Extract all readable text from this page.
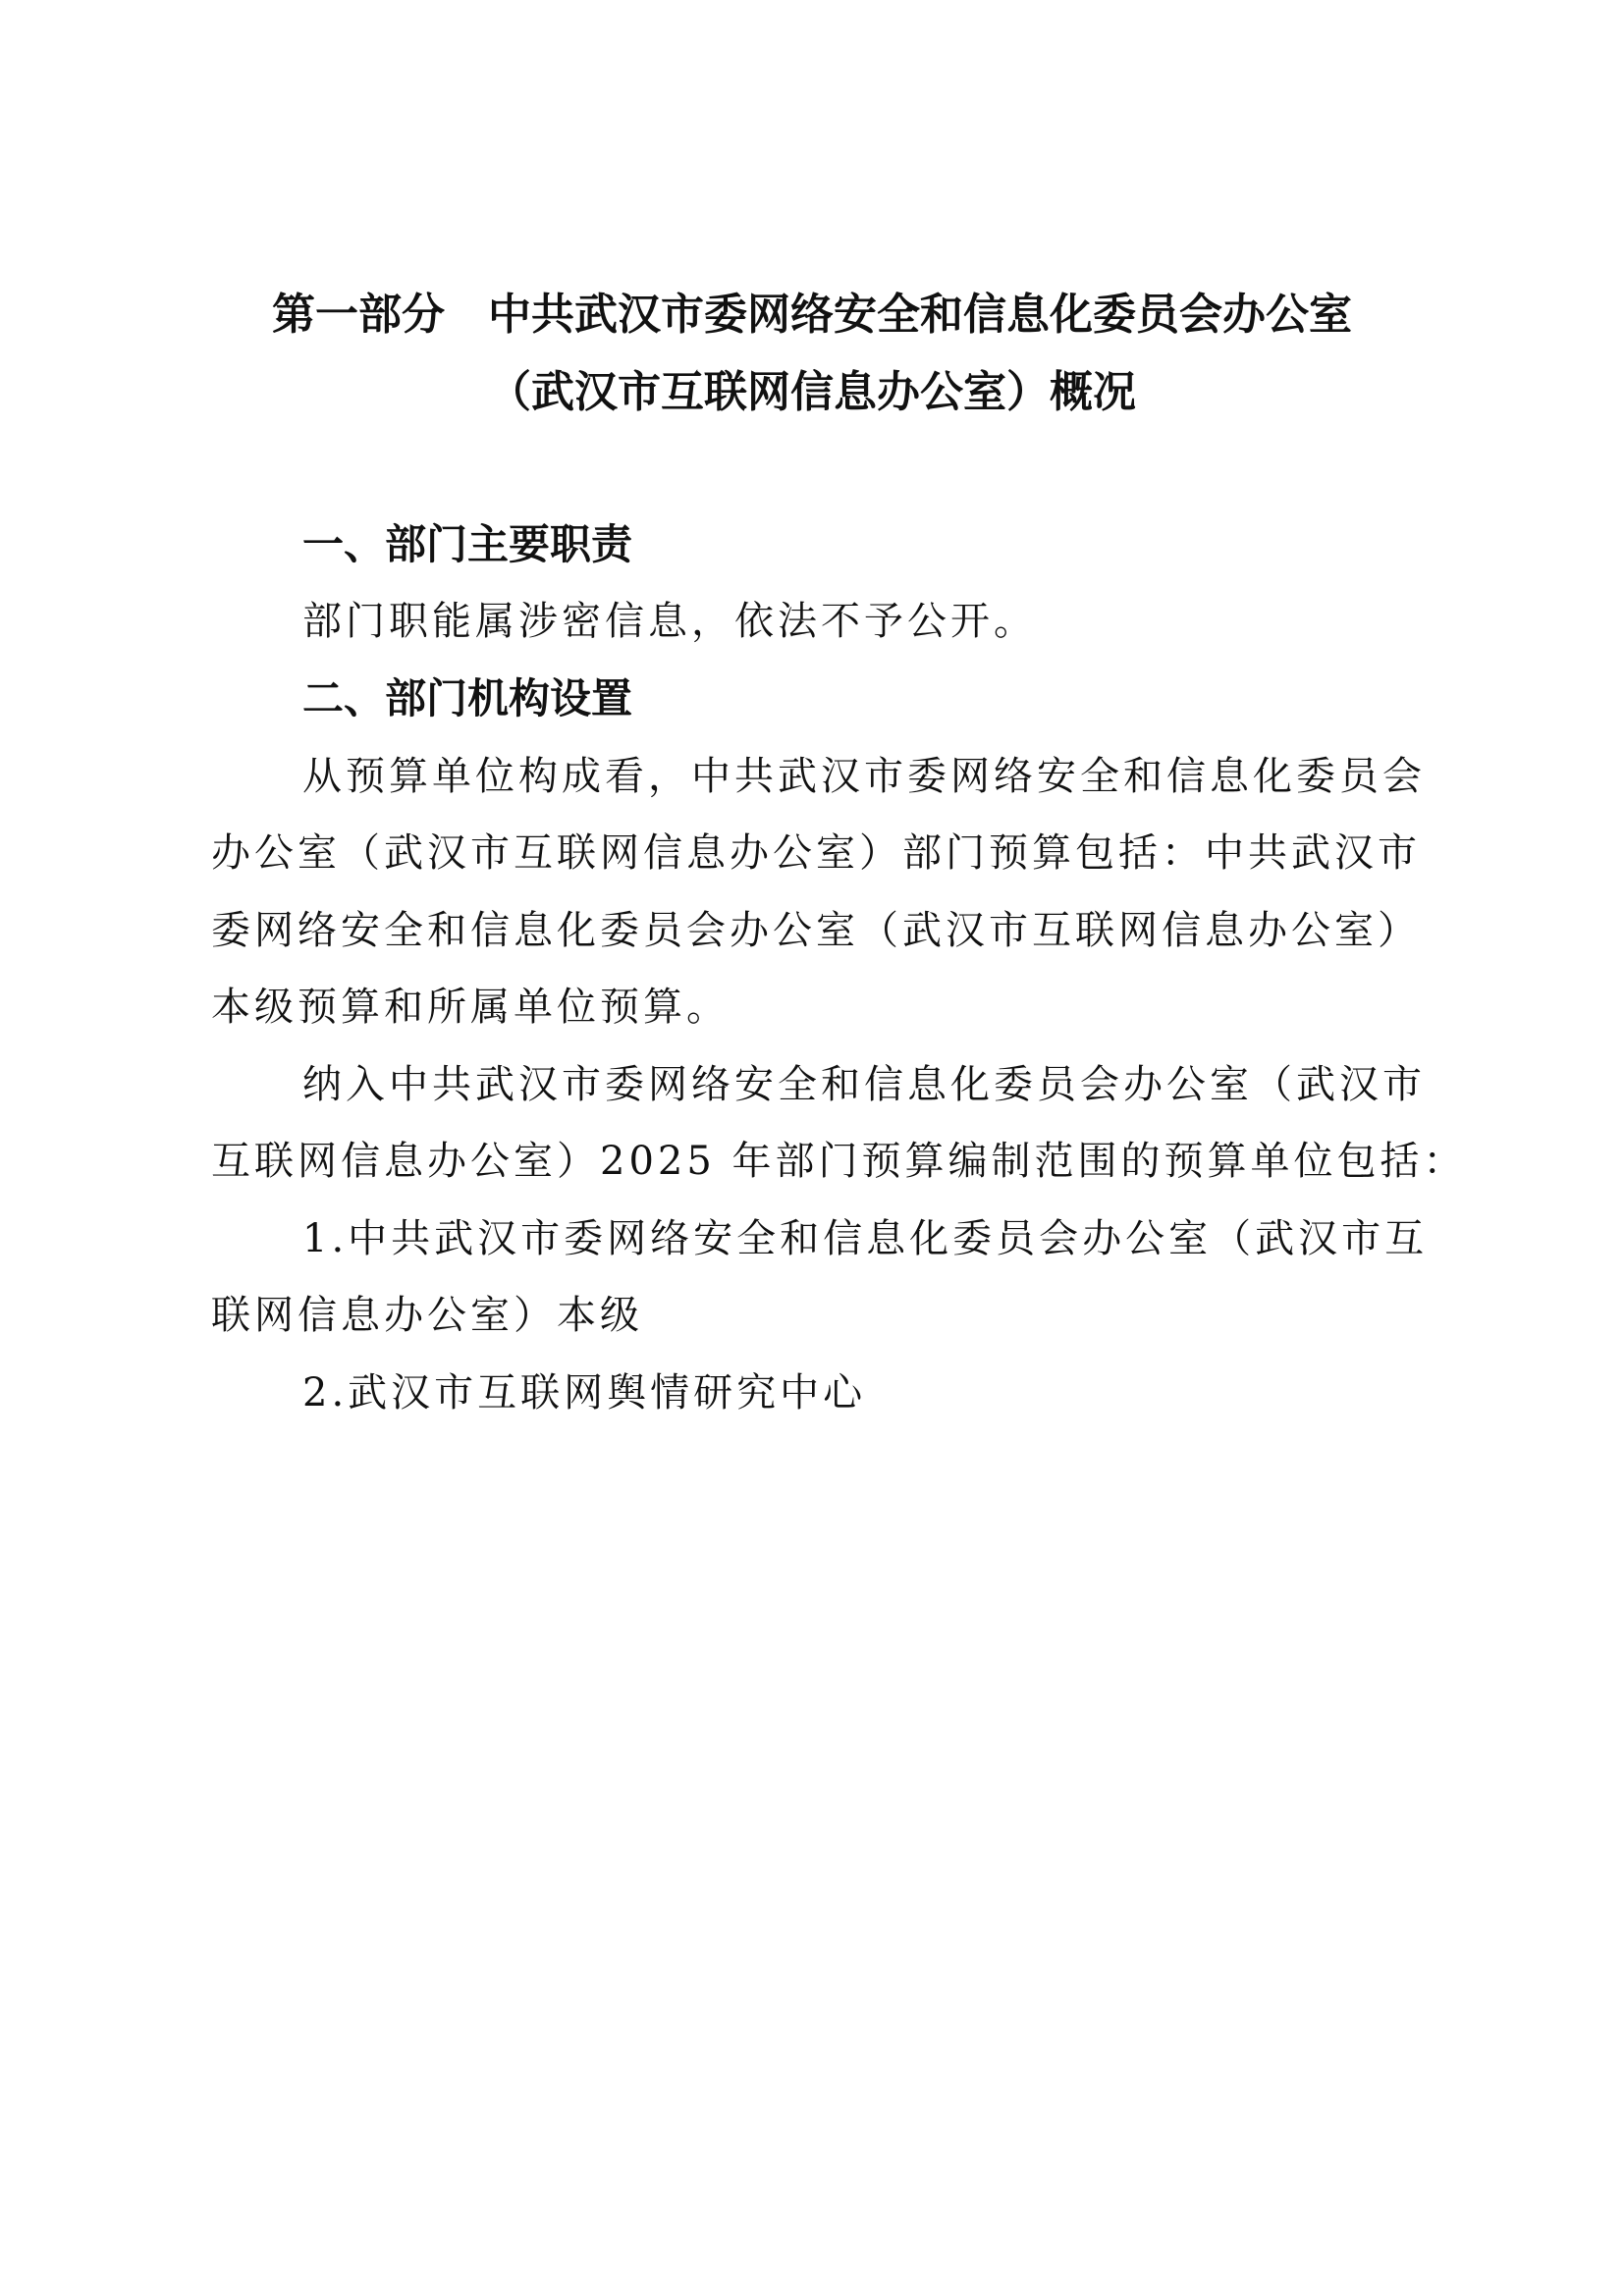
第一部分 中共武汉市委网络安全和信息化委员会办公室
（武汉市互联网信息办公室）概况
一、部门主要职责
部门职能属涉密信息，依法不予公开。
二、部门机构设置
从预算单位构成看，中共武汉市委网络安全和信息化委员会
办公室（武汉市互联网信息办公室）部门预算包括：中共武汉市
委网络安全和信息化委员会办公室（武汉市互联网信息办公室）
本级预算和所属单位预算。
纳入中共武汉市委网络安全和信息化委员会办公室（武汉市
互联网信息办公室）2025 年部门预算编制范围的预算单位包括：
1.中共武汉市委网络安全和信息化委员会办公室（武汉市互
联网信息办公室）本级
2.武汉市互联网舆情研究中心
